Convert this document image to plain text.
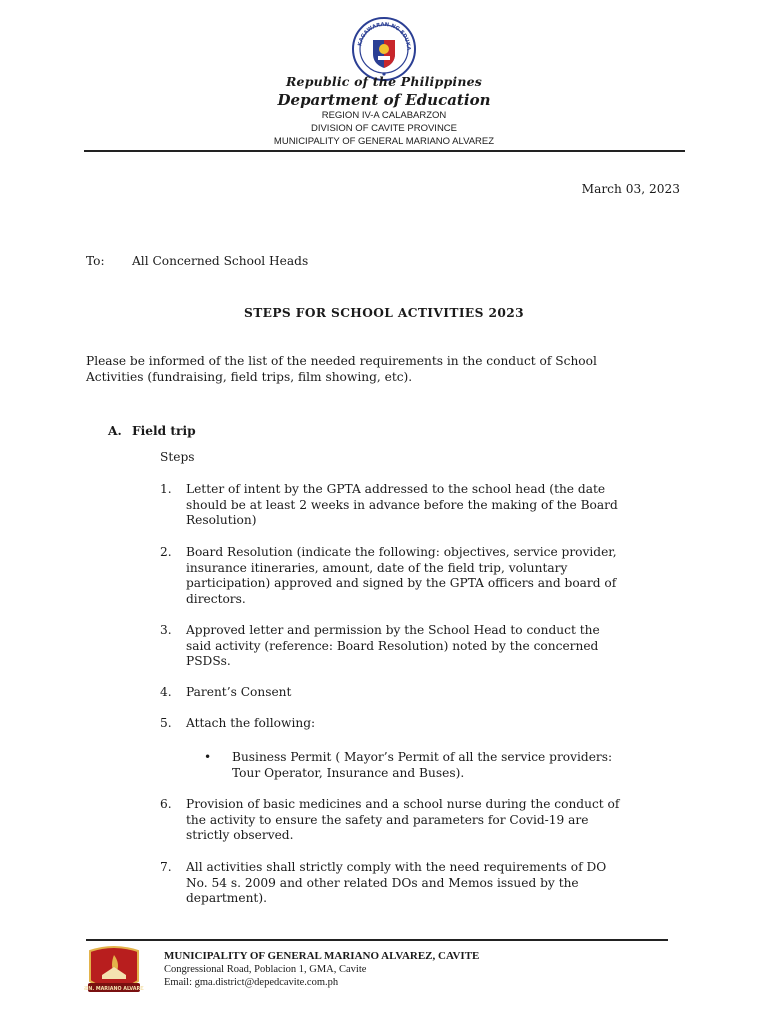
KAGAWARAN NG EDUKA
Republic of the Philippines
Department of Education
REGION IV-A CALABARZON
DIVISION OF CAVITE PROVINCE
MUNICIPALITY OF GENERAL MARIANO ALVAREZ
March 03, 2023
To: All Concerned School Heads
STEPS FOR SCHOOL ACTIVITIES 2023
Please be informed of the list of the needed requirements in the conduct of School
Activities (fundraising, field trips, film showing, etc).
A. Field trip
Steps
1. Letter of intent by the GPTA addressed to the school head (the date
should be at least 2 weeks in advance before the making of the Board
Resolution)
2. Board Resolution (indicate the following: objectives, service provider,
insurance itineraries, amount, date of the field trip, voluntary
participation) approved and signed by the GPTA officers and board of
directors.
3. Approved letter and permission by the School Head to conduct the
said activity (reference: Board Resolution) noted by the concerned
PSDSs.
4. Parent’s Consent
5. Attach the following:
• Business Permit ( Mayor’s Permit of all the service providers:
Tour Operator, Insurance and Buses).
6. Provision of basic medicines and a school nurse during the conduct of
the activity to ensure the safety and parameters for Covid-19 are
strictly observed.
7. All activities shall strictly comply with the need requirements of DO
No. 54 s. 2009 and other related DOs and Memos issued by the
department).
GEN. MARIANO ALVAREZ
MUNICIPALITY OF GENERAL MARIANO ALVAREZ, CAVITE
Congressional Road, Poblacion 1, GMA, Cavite
Email: gma.district@depedcavite.com.ph
